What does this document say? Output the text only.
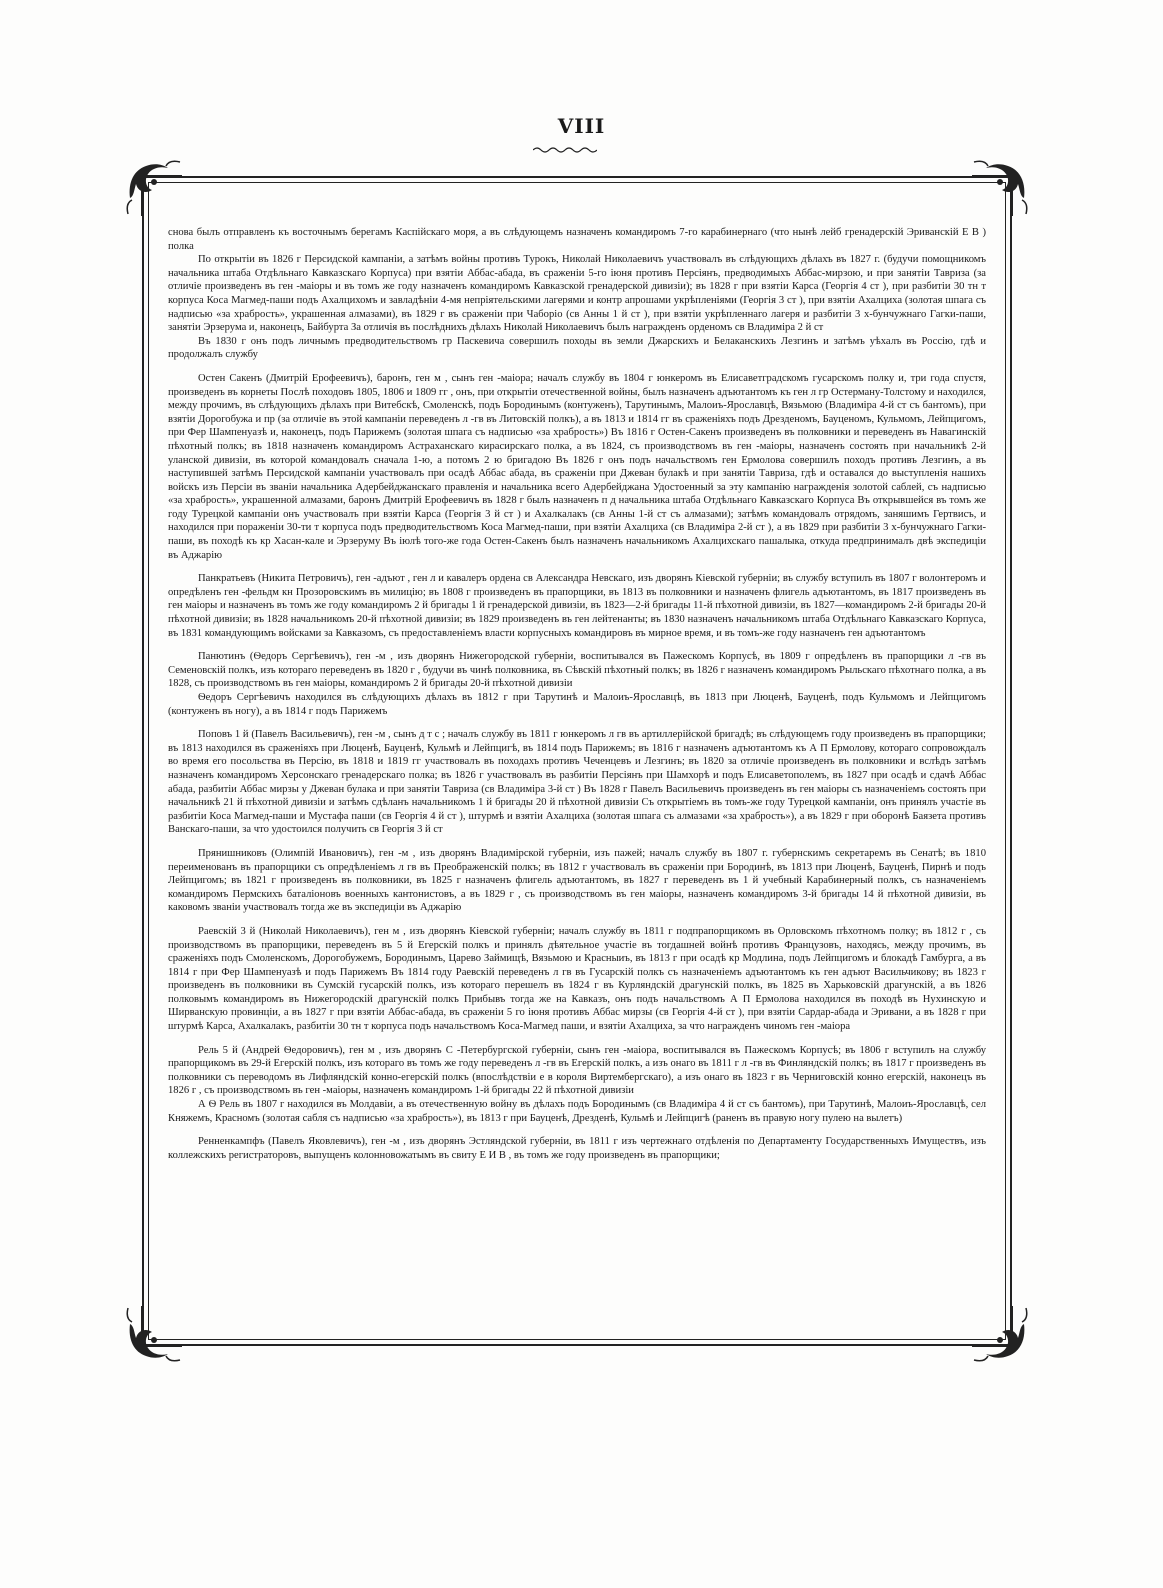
VIII

снова былъ отправленъ къ восточнымъ берегамъ Каспійскаго моря, а въ слѣдующемъ назначенъ командиромъ 7-го карабинернаго (что нынѣ лейб гренадерскій Эриванскій Е В ) полка

По открытіи въ 1826 г Персидской кампаніи, а затѣмъ войны противъ Турокъ, Николай Николаевичъ участвовалъ въ слѣдующихъ дѣлахъ въ 1827 г. (будучи помощникомъ начальника штаба Отдѣльнаго Кавказскаго Корпуса) при взятіи Аббас-абада, въ сраженіи 5-го іюня противъ Персіянъ, предводимыхъ Аббас-мирзою, и при занятіи Тавриза (за отличіе произведенъ въ ген -маіоры и въ томъ же году назначенъ командиромъ Кавказской гренадерской дивизіи); въ 1828 г при взятіи Карса (Георгія 4 ст ), при разбитіи 30 тн т корпуса Коса Магмед-паши подъ Ахалцихомъ и завладѣніи 4-мя непріятельскими лагерями и контр апрошами укрѣпленіями (Георгія 3 ст ), при взятіи Ахалциха (золотая шпага съ надписью «за храбрость», украшенная алмазами), въ 1829 г въ сраженіи при Чаборіо (св Анны 1 й ст ), при взятіи укрѣпленнаго лагеря и разбитіи 3 х-бунчужнаго Гагки-паши, занятіи Эрзерума и, наконецъ, Байбурта За отличія въ послѣднихъ дѣлахъ Николай Николаевичъ былъ награжденъ орденомъ св Владиміра 2 й ст

Въ 1830 г онъ подъ личнымъ предводительствомъ гр Паскевича совершилъ походы въ земли Джарскихъ и Белаканскихъ Лезгинъ и затѣмъ уѣхалъ въ Россію, гдѣ и продолжалъ службу

Остен Сакенъ (Дмитрій Ерофеевичъ), баронъ, ген м , сынъ ген -маіора; началъ службу въ 1804 г юнкеромъ въ Елисаветградскомъ гусарскомъ полку и, три года спустя, произведенъ въ корнеты Послѣ походовъ 1805, 1806 и 1809 гг , онъ, при открытіи отечественной войны, былъ назначенъ адъютантомъ къ ген л гр Остерману-Толстому и находился, между прочимъ, въ слѣдующихъ дѣлахъ при Витебскѣ, Смоленскѣ, подъ Бородинымъ (контуженъ), Тарутинымъ, Малоиъ-Ярославцѣ, Вязьмою (Владиміра 4-й ст съ бантомъ), при взятіи Дорогобужа и пр (за отличіе въ этой кампаніи переведенъ л -гв въ Литовскій полкъ), а въ 1813 и 1814 гг въ сраженіяхъ подъ Дрезденомъ, Бауценомъ, Кульмомъ, Лейпцигомъ, при Фер Шампенуазѣ и, наконецъ, подъ Парижемъ (золотая шпага съ надписью «за храбрость») Въ 1816 г Остен-Сакенъ произведенъ въ полковники и переведенъ въ Навагинскій пѣхотный полкъ; въ 1818 назначенъ командиромъ Астраханскаго кирасирскаго полка, а въ 1824, съ производствомъ въ ген -маіоры, назначенъ состоять при начальникѣ 2-й уланской дивизіи, въ которой командовалъ сначала 1-ю, а потомъ 2 ю бригадою Въ 1826 г онъ подъ начальствомъ ген Ермолова совершилъ походъ противъ Лезгинъ, а въ наступившей затѣмъ Персидской кампаніи участвовалъ при осадѣ Аббас абада, въ сраженіи при Джеван булакѣ и при занятіи Тавриза, гдѣ и оставался до выступленія нашихъ войскъ изъ Персіи въ званіи начальника Адербейджанскаго правленія и начальника всего Адербейджана Удостоенный за эту кампанію награжденія золотой саблей, съ надписью «за храбрость», украшенной алмазами, баронъ Дмитрій Ерофеевичъ въ 1828 г былъ назначенъ п д начальника штаба Отдѣльнаго Кавказскаго Корпуса Въ открывшейся въ томъ же году Турецкой кампаніи онъ участвовалъ при взятіи Карса (Георгія 3 й ст ) и Ахалкалакъ (св Анны 1-й ст съ алмазами); затѣмъ командовалъ отрядомъ, заняшимъ Гертвисъ, и находился при пораженіи 30-ти т корпуса подъ предводительствомъ Коса Магмед-паши, при взятіи Ахалциха (св Владиміра 2-й ст ), а въ 1829 при разбитіи 3 х-бунчужнаго Гагки-паши, въ походѣ къ кр Хасан-кале и Эрзеруму Въ іюлѣ того-же года Остен-Сакенъ былъ назначенъ начальникомъ Ахалцихскаго пашалыка, откуда предпринималъ двѣ экспедиціи въ Аджарію

Панкратьевъ (Никита Петровичъ), ген -адъют , ген л и кавалеръ ордена св Александра Невскаго, изъ дворянъ Кіевской губерніи; въ службу вступилъ въ 1807 г волонтеромъ и опредѣленъ ген -фельдм кн Прозоровскимъ въ милицію; въ 1808 г произведенъ въ прапорщики, въ 1813 въ полковники и назначенъ флигель адъютантомъ, въ 1817 произведенъ въ ген маіоры и назначенъ въ томъ же году командиромъ 2 й бригады 1 й гренадерской дивизіи, въ 1823—2-й бригады 11-й пѣхотной дивизіи, въ 1827—командиромъ 2-й бригады 20-й пѣхотной дивизіи; въ 1828 начальникомъ 20-й пѣхотной дивизіи; въ 1829 произведенъ въ ген лейтенанты; въ 1830 назначенъ начальникомъ штаба Отдѣльнаго Кавказскаго Корпуса, въ 1831 командующимъ войсками за Кавказомъ, съ предоставленіемъ власти корпусныхъ командировъ въ мирное время, и въ томъ-же году назначенъ ген адъютантомъ

Панютинъ (Ѳедоръ Сергѣевичъ), ген -м , изъ дворянъ Нижегородской губерніи, воспитывался въ Пажескомъ Корпусѣ, въ 1809 г опредѣленъ въ прапорщики л -гв въ Семеновскій полкъ, изъ котораго переведенъ въ 1820 г , будучи въ чинѣ полковника, въ Сѣвскій пѣхотный полкъ; въ 1826 г назначенъ командиромъ Рыльскаго пѣхотнаго полка, а въ 1828, съ производствомъ въ ген маіоры, командиромъ 2 й бригады 20-й пѣхотной дивизіи

Ѳедоръ Сергѣевичъ находился въ слѣдующихъ дѣлахъ въ 1812 г при Тарутинѣ и Малоиъ-Ярославцѣ, въ 1813 при Люценѣ, Бауценѣ, подъ Кульмомъ и Лейпцигомъ (контуженъ въ ногу), а въ 1814 г подъ Парижемъ

Поповъ 1 й (Павелъ Васильевичъ), ген -м , сынъ д т с ; началъ службу въ 1811 г юнкеромъ л гв въ артиллерійской бригадѣ; въ слѣдующемъ году произведенъ въ прапорщики; въ 1813 находился въ сраженіяхъ при Люценѣ, Бауценѣ, Кульмѣ и Лейпцигѣ, въ 1814 подъ Парижемъ; въ 1816 г назначенъ адъютантомъ къ А П Ермолову, котораго сопровождалъ во время его посольства въ Персію, въ 1818 и 1819 гг участвовалъ въ походахъ противъ Чеченцевъ и Лезгинъ; въ 1820 за отличіе произведенъ въ полковники и вслѣдъ затѣмъ назначенъ командиромъ Херсонскаго гренадерскаго полка; въ 1826 г участвовалъ въ разбитіи Персіянъ при Шамхорѣ и подъ Елисаветополемъ, въ 1827 при осадѣ и сдачѣ Аббас абада, разбитіи Аббас мирзы у Джеван булака и при занятіи Тавриза (св Владиміра 3-й ст ) Въ 1828 г Павелъ Васильевичъ произведенъ въ ген маіоры съ назначеніемъ состоять при начальникѣ 21 й пѣхотной дивизіи и затѣмъ сдѣланъ начальникомъ 1 й бригады 20 й пѣхотной дивизіи Съ открытіемъ въ томъ-же году Турецкой кампаніи, онъ принялъ участіе въ разбитіи Коса Магмед-паши и Мустафа паши (св Георгія 4 й ст ), штурмѣ и взятіи Ахалциха (золотая шпага съ алмазами «за храбрость»), а въ 1829 г при оборонѣ Баязета противъ Ванскаго-паши, за что удостоился получить св Георгія 3 й ст

Прянишниковъ (Олимпій Ивановичъ), ген -м , изъ дворянъ Владимірской губерніи, изъ пажей; началъ службу въ 1807 г. губернскимъ секретаремъ въ Сенатѣ; въ 1810 переименованъ въ прапорщики съ опредѣленіемъ л гв въ Преображенскій полкъ; въ 1812 г участвовалъ въ сраженіи при Бородинѣ, въ 1813 при Люценѣ, Бауценѣ, Пирнѣ и подъ Лейпцигомъ; въ 1821 г произведенъ въ полковники, въ 1825 г назначенъ флигель адъютантомъ, въ 1827 г переведенъ въ 1 й учебный Карабинерный полкъ, съ назначеніемъ командиромъ Пермскихъ баталіоновъ военныхъ кантонистовъ, а въ 1829 г , съ производствомъ въ ген маіоры, назначенъ командиромъ 3-й бригады 14 й пѣхотной дивизіи, въ каковомъ званіи участвовалъ тогда же въ экспедиціи въ Аджарію

Раевскій 3 й (Николай Николаевичъ), ген м , изъ дворянъ Кіевской губерніи; началъ службу въ 1811 г подпрапорщикомъ въ Орловскомъ пѣхотномъ полку; въ 1812 г , съ производствомъ въ прапорщики, переведенъ въ 5 й Егерскій полкъ и принялъ дѣятельное участіе въ тогдашней войнѣ противъ Французовъ, находясь, между прочимъ, въ сраженіяхъ подъ Смоленскомъ, Дорогобужемъ, Бородинымъ, Царево Займищѣ, Вязьмою и Красныиъ, въ 1813 г при осадѣ кр Модлина, подъ Лейпцигомъ и блокадѣ Гамбурга, а въ 1814 г при Фер Шампенуазѣ и подъ Парижемъ Въ 1814 году Раевскій переведенъ л гв въ Гусарскій полкъ съ назначеніемъ адъютантомъ къ ген адъют Васильчикову; въ 1823 г произведенъ въ полковники въ Сумскій гусарскій полкъ, изъ котораго перешелъ въ 1824 г въ Курляндскій драгунскій полкъ, въ 1825 въ Харьковскій драгунскій, а въ 1826 полковымъ командиромъ въ Нижегородскій драгунскій полкъ Прибывъ тогда же на Кавказъ, онъ подъ начальствомъ А П Ермолова находился въ походѣ въ Нухинскую и Ширванскую провинціи, а въ 1827 г при взятіи Аббас-абада, въ сраженіи 5 го іюня противъ Аббас мирзы (св Георгія 4-й ст ), при взятіи Сардар-абада и Эривани, а въ 1828 г при штурмѣ Карса, Ахалкалакъ, разбитіи 30 тн т корпуса подъ начальствомъ Коса-Магмед паши, и взятіи Ахалциха, за что награжденъ чиномъ ген -маіора

Рель 5 й (Андрей Ѳедоровичъ), ген м , изъ дворянъ С -Петербургской губерніи, сынъ ген -маіора, воспитывался въ Пажескомъ Корпусѣ; въ 1806 г вступилъ на службу прапорщикомъ въ 29-й Егерскій полкъ, изъ котораго въ томъ же году переведенъ л -гв въ Егерскій полкъ, а изъ онаго въ 1811 г л -гв въ Финляндскій полкъ; въ 1817 г произведенъ въ полковники съ переводомъ въ Лифляндскій конно-егерскій полкъ (впослѣдствіи е в короля Виртембергскаго), а изъ онаго въ 1823 г въ Черниговскій конно егерскій, наконецъ въ 1826 г , съ производствомъ въ ген -маіоры, назначенъ командиромъ 1-й бригады 22 й пѣхотной дивизіи

А Ѳ Рель въ 1807 г находился въ Молдавіи, а въ отечественную войну въ дѣлахъ подъ Бородинымъ (св Владиміра 4 й ст съ бантомъ), при Тарутинѣ, Малоиъ-Ярославцѣ, сел Княжемъ, Красномъ (золотая сабля съ надписью «за храбрость»), въ 1813 г при Бауценѣ, Дрезденѣ, Кульмѣ и Лейпцигѣ (раненъ въ правую ногу пулею на вылетъ)

Ренненкампфъ (Павелъ Яковлевичъ), ген -м , изъ дворянъ Эстляндской губерніи, въ 1811 г изъ чертежнаго отдѣленія по Департаменту Государственныхъ Имуществъ, изъ коллежскихъ регистраторовъ, выпущенъ колонновожатымъ въ свиту Е И В , въ томъ же году произведенъ въ прапорщики;
